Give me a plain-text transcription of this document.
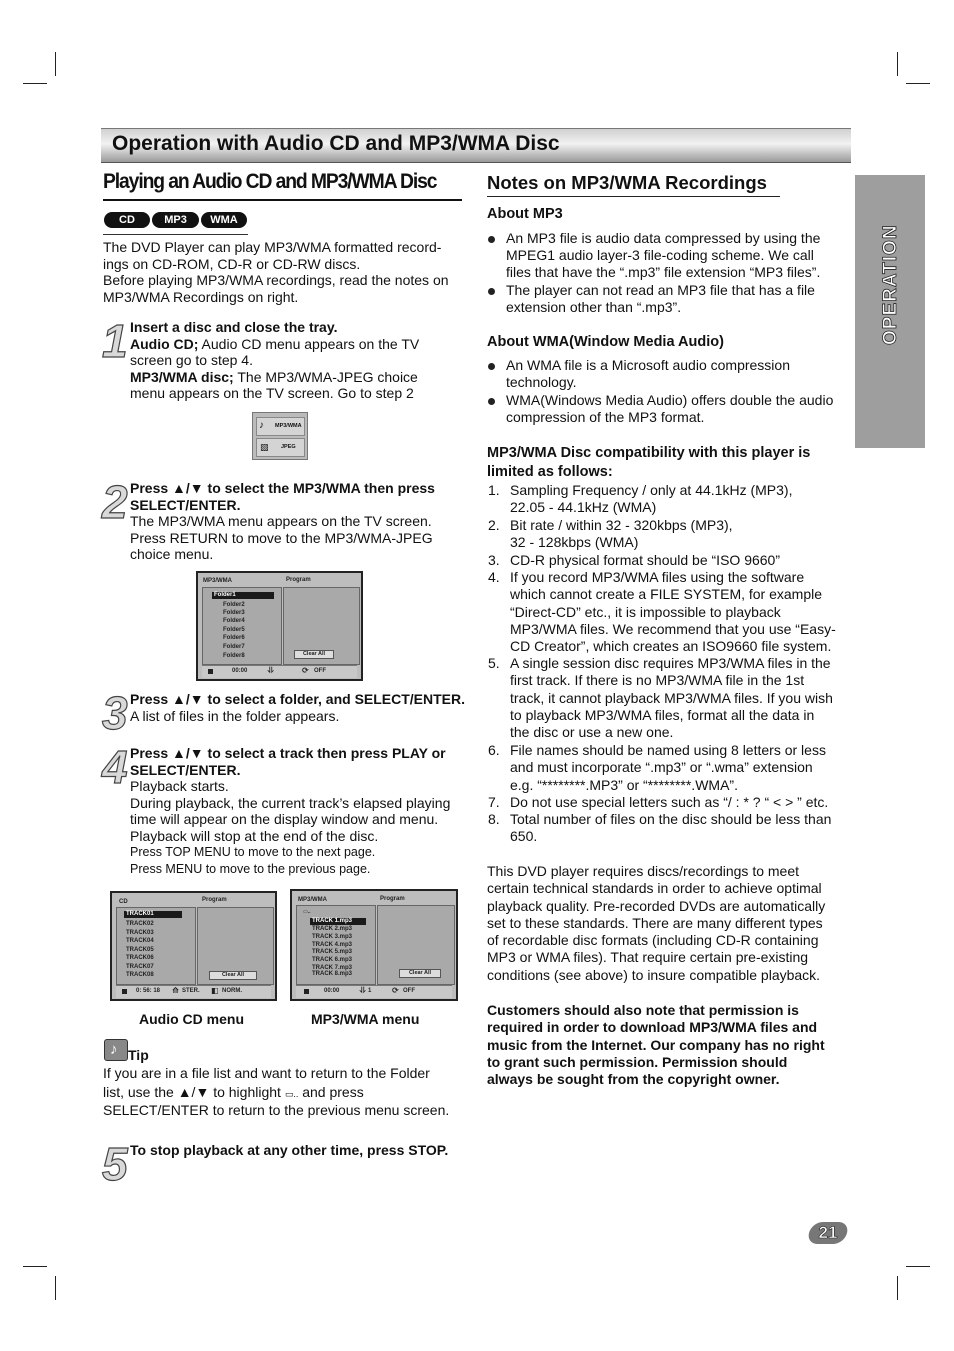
Operation with Audio CD and MP3/WMA Disc
OPERATION
Playing an Audio CD and MP3/WMA Disc
CD	MP3	WMA
The DVD Player can play MP3/WMA formatted record-
ings on CD-ROM, CD-R or CD-RW discs.
Before playing MP3/WMA recordings, read the notes on
MP3/WMA Recordings on right.
1 Insert a disc and close the tray.
Audio CD; Audio CD menu appears on the TV
screen go to step 4.
MP3/WMA disc; The MP3/WMA-JPEG choice
menu appears on the TV screen. Go to step 2
♪ MP3/WMA
▧ JPEG
2 Press ▲/▼ to select the MP3/WMA then press
SELECT/ENTER.
The MP3/WMA menu appears on the TV screen.
Press RETURN to move to the MP3/WMA-JPEG
choice menu.
MP3/WMA	Program
Folder1
Folder2
Folder3
Folder4
Folder5
Folder6
Folder7
Folder8	Clear All
00:00	⥥	⟳ OFF
3 Press ▲/▼ to select a folder, and SELECT/ENTER.
A list of files in the folder appears.
4 Press ▲/▼ to select a track then press PLAY or
SELECT/ENTER.
Playback starts.
During playback, the current track’s elapsed playing
time will appear on the display window and menu.
Playback will stop at the end of the disc.
Press TOP MENU to move to the next page.
Press MENU to move to the previous page.
CD	Program
TRACK01
TRACK02
TRACK03
TRACK04
TRACK05
TRACK06
TRACK07
TRACK08	Clear All
0: 56: 18 ⟰ STER. ◧ NORM.
MP3/WMA	Program
▭..
TRACK 1.mp3
TRACK 2.mp3
TRACK 3.mp3
TRACK 4.mp3
TRACK 5.mp3
TRACK 6.mp3
TRACK 7.mp3
TRACK 8.mp3	Clear All
00:00	⥥ 1	⟳ OFF
Audio CD menu	MP3/WMA menu
♪ Tip
If you are in a file list and want to return to the Folder
list, use the ▲/▼ to highlight ▭.. and press
SELECT/ENTER to return to the previous menu screen.
5 To stop playback at any other time, press STOP.
Notes on MP3/WMA Recordings
About MP3
An MP3 file is audio data compressed by using the
MPEG1 audio layer-3 file-coding scheme. We call
files that have the “.mp3” file extension “MP3 files”.
The player can not read an MP3 file that has a file
extension other than “.mp3”.
About WMA(Window Media Audio)
An WMA file is a Microsoft audio compression
technology.
WMA(Windows Media Audio) offers double the audio
compression of the MP3 format.
MP3/WMA Disc compatibility with this player is
limited as follows:
1. Sampling Frequency / only at 44.1kHz (MP3),
22.05 - 44.1kHz (WMA)
2. Bit rate / within 32 - 320kbps (MP3),
32 - 128kbps (WMA)
3. CD-R physical format should be “ISO 9660”
4. If you record MP3/WMA files using the software
which cannot create a FILE SYSTEM, for example
“Direct-CD” etc., it is impossible to playback
MP3/WMA files. We recommend that you use “Easy-
CD Creator”, which creates an ISO9660 file system.
5. A single session disc requires MP3/WMA files in the
first track. If there is no MP3/WMA file in the 1st
track, it cannot playback MP3/WMA files. If you wish
to playback MP3/WMA files, format all the data in
the disc or use a new one.
6. File names should be named using 8 letters or less
and must incorporate “.mp3” or “.wma” extension
e.g. “********.MP3” or “********.WMA”.
7. Do not use special letters such as “/ : * ? “ < > ” etc.
8. Total number of files on the disc should be less than
650.
This DVD player requires discs/recordings to meet
certain technical standards in order to achieve optimal
playback quality. Pre-recorded DVDs are automatically
set to these standards. There are many different types
of recordable disc formats (including CD-R containing
MP3 or WMA files). That require certain pre-existing
conditions (see above) to insure compatible playback.
Customers should also note that permission is
required in order to download MP3/WMA files and
music from the Internet. Our company has no right
to grant such permission. Permission should
always be sought from the copyright owner.
21
